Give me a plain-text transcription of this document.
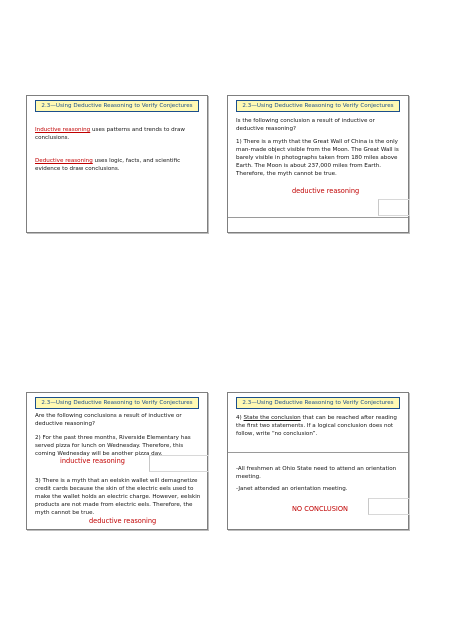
2.3—Using Deductive Reasoning to Verify Conjectures
Inductive reasoning uses patterns and trends to draw conclusions.
Deductive reasoning uses logic, facts, and scientific evidence to draw conclusions.
2.3—Using Deductive Reasoning to Verify Conjectures
Is the following conclusion a result of inductive or deductive reasoning?
1) There is a myth that the Great Wall of China is the only man-made object visible from the Moon. The Great Wall is barely visible in photographs taken from 180 miles above Earth. The Moon is about 237,000 miles from Earth. Therefore, the myth cannot be true.
deductive reasoning
2.3—Using Deductive Reasoning to Verify Conjectures
Are the following conclusions a result of inductive or deductive reasoning?
2) For the past three months, Riverside Elementary has served pizza for lunch on Wednesday. Therefore, this coming Wednesday will be another pizza day.
inductive reasoning
3) There is a myth that an eelskin wallet will demagnetize credit cards because the skin of the electric eels used to make the wallet holds an electric charge. However, eelskin products are not made from electric eels. Therefore, the myth cannot be true.
deductive reasoning
2.3—Using Deductive Reasoning to Verify Conjectures
4) State the conclusion that can be reached after reading the first two statements. If a logical conclusion does not follow, write “no conclusion”.
-All freshmen at Ohio State need to attend an orientation meeting.
-Janet attended an orientation meeting.
NO CONCLUSION
